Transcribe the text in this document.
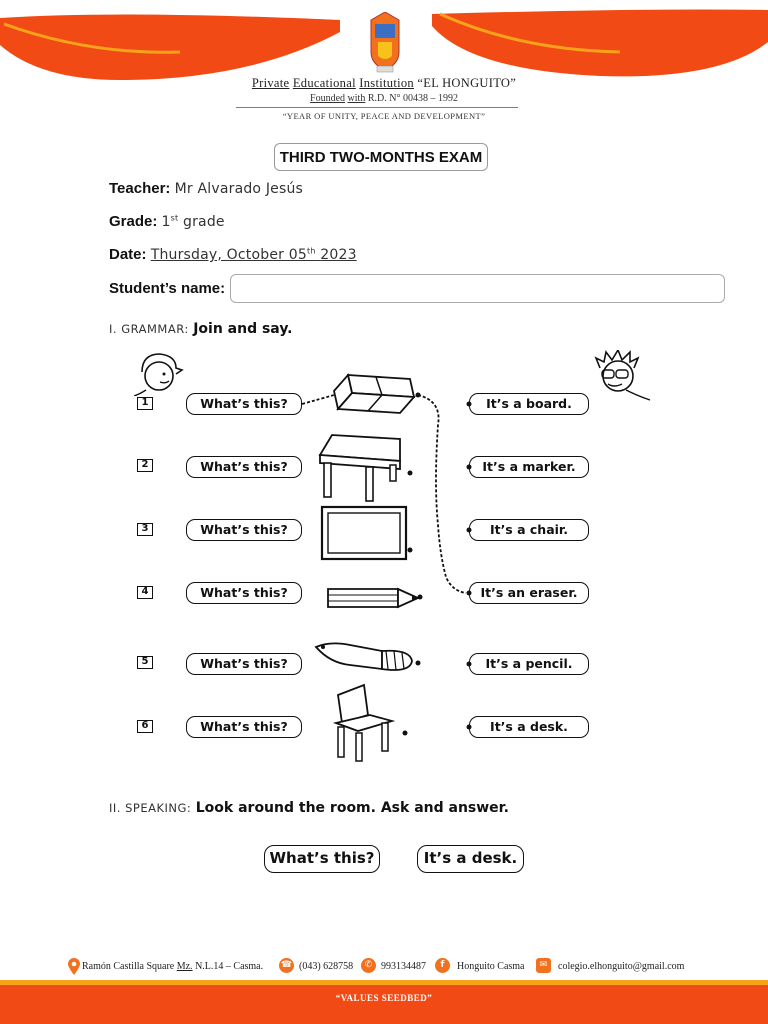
Private Educational Institution “EL HONGUITO”
Founded with R.D. N° 00438 – 1992
“YEAR OF UNITY, PEACE AND DEVELOPMENT”
THIRD TWO-MONTHS EXAM
Teacher: Mr Alvarado Jesús
Grade: 1st grade
Date: Thursday, October 05th 2023
Student’s name:
I. GRAMMAR: Join and say.
1	What’s this?	It’s a board.
2	What’s this?	It’s a marker.
3	What’s this?	It’s a chair.
4	What’s this?	It’s an eraser.
5	What’s this?	It’s a pencil.
6	What’s this?	It’s a desk.
II. SPEAKING: Look around the room. Ask and answer.
What’s this?	It’s a desk.
Ramón Castilla Square Mz. N.L.14 – Casma. ☎ (043) 628758	✆ 993134487	f	Honguito Casma	✉	colegio.elhonguito@gmail.com
“VALUES SEEDBED”
